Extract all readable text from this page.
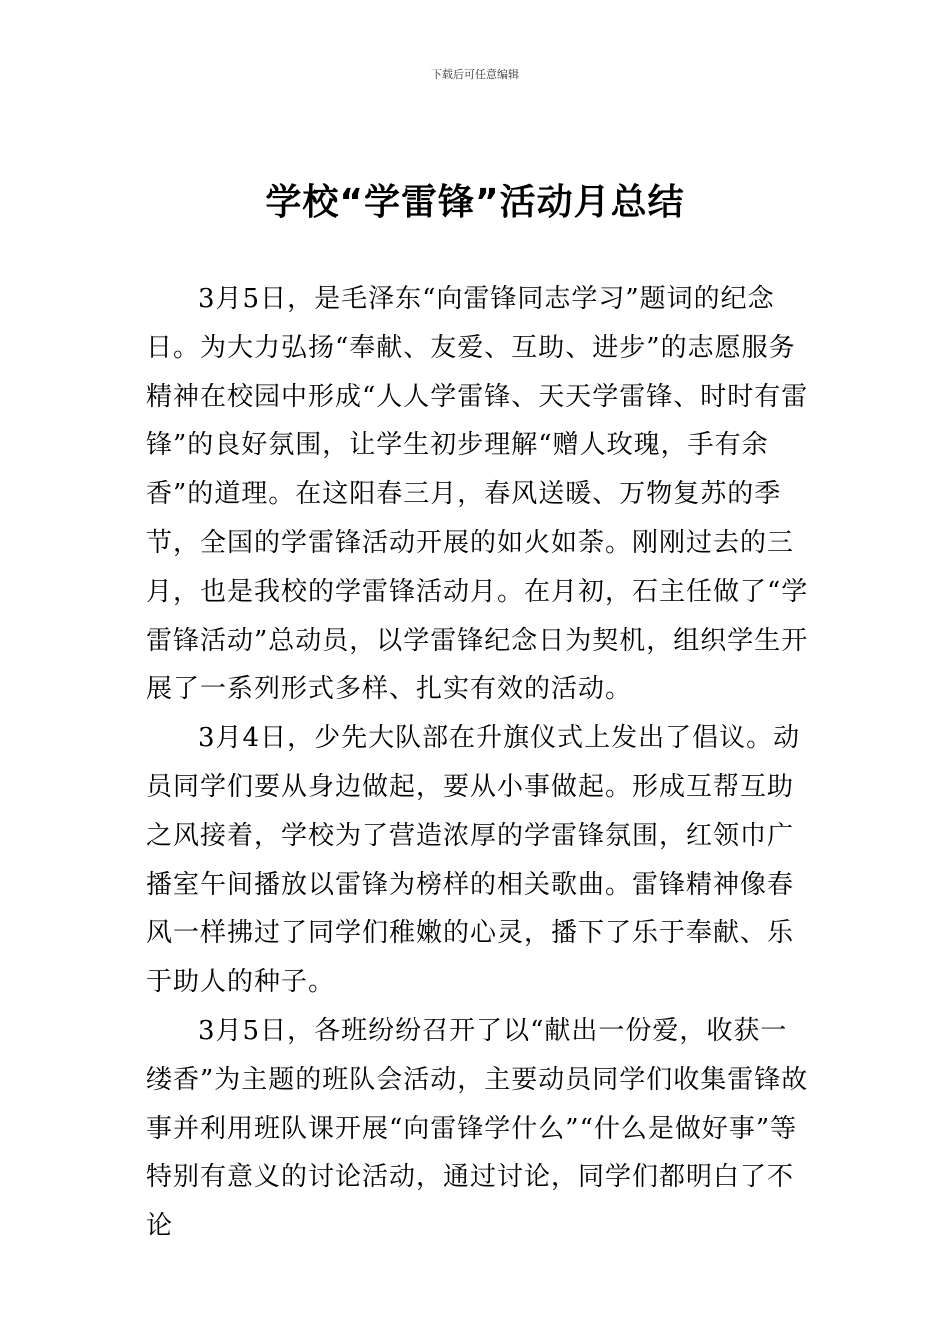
下载后可任意编辑
学校“学雷锋”活动月总结

3月5日，是毛泽东“向雷锋同志学习”题词的纪念日。为大力弘扬“奉献、友爱、互助、进步”的志愿服务精神在校园中形成“人人学雷锋、天天学雷锋、时时有雷锋”的良好氛围，让学生初步理解“赠人玫瑰，手有余香”的道理。在这阳春三月，春风送暖、万物复苏的季节，全国的学雷锋活动开展的如火如荼。刚刚过去的三月，也是我校的学雷锋活动月。在月初，石主任做了“学雷锋活动”总动员，以学雷锋纪念日为契机，组织学生开展了一系列形式多样、扎实有效的活动。

3月4日，少先大队部在升旗仪式上发出了倡议。动员同学们要从身边做起，要从小事做起。形成互帮互助之风接着，学校为了营造浓厚的学雷锋氛围，红领巾广播室午间播放以雷锋为榜样的相关歌曲。雷锋精神像春风一样拂过了同学们稚嫩的心灵，播下了乐于奉献、乐于助人的种子。

3月5日，各班纷纷召开了以“献出一份爱，收获一缕香”为主题的班队会活动，主要动员同学们收集雷锋故事并利用班队课开展“向雷锋学什么”“什么是做好事”等特别有意义的讨论活动，通过讨论，同学们都明白了不论
